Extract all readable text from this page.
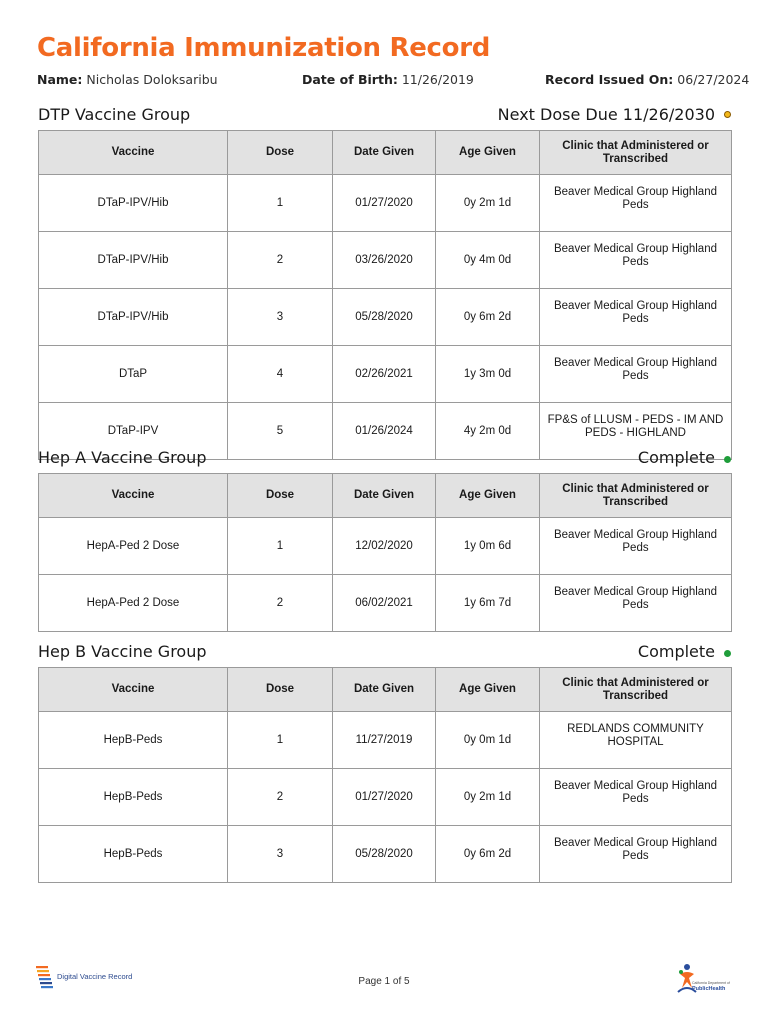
California Immunization Record
Name: Nicholas Doloksaribu	Date of Birth: 11/26/2019	Record Issued On: 06/27/2024
DTP Vaccine Group	Next Dose Due 11/26/2030
Vaccine	Dose	Date Given	Age Given	Clinic that Administered or Transcribed
DTaP-IPV/Hib	1	01/27/2020	0y 2m 1d	Beaver Medical Group Highland Peds
DTaP-IPV/Hib	2	03/26/2020	0y 4m 0d	Beaver Medical Group Highland Peds
DTaP-IPV/Hib	3	05/28/2020	0y 6m 2d	Beaver Medical Group Highland Peds
DTaP	4	02/26/2021	1y 3m 0d	Beaver Medical Group Highland Peds
DTaP-IPV	5	01/26/2024	4y 2m 0d	FP&S of LLUSM - PEDS - IM AND PEDS - HIGHLAND
Hep A Vaccine Group	Complete
Vaccine	Dose	Date Given	Age Given	Clinic that Administered or Transcribed
HepA-Ped 2 Dose	1	12/02/2020	1y 0m 6d	Beaver Medical Group Highland Peds
HepA-Ped 2 Dose	2	06/02/2021	1y 6m 7d	Beaver Medical Group Highland Peds
Hep B Vaccine Group	Complete
Vaccine	Dose	Date Given	Age Given	Clinic that Administered or Transcribed
HepB-Peds	1	11/27/2019	0y 0m 1d	REDLANDS COMMUNITY HOSPITAL
HepB-Peds	2	01/27/2020	0y 2m 1d	Beaver Medical Group Highland Peds
HepB-Peds	3	05/28/2020	0y 6m 2d	Beaver Medical Group Highland Peds
Digital Vaccine Record	Page 1 of 5	California Department of
PublicHealth
